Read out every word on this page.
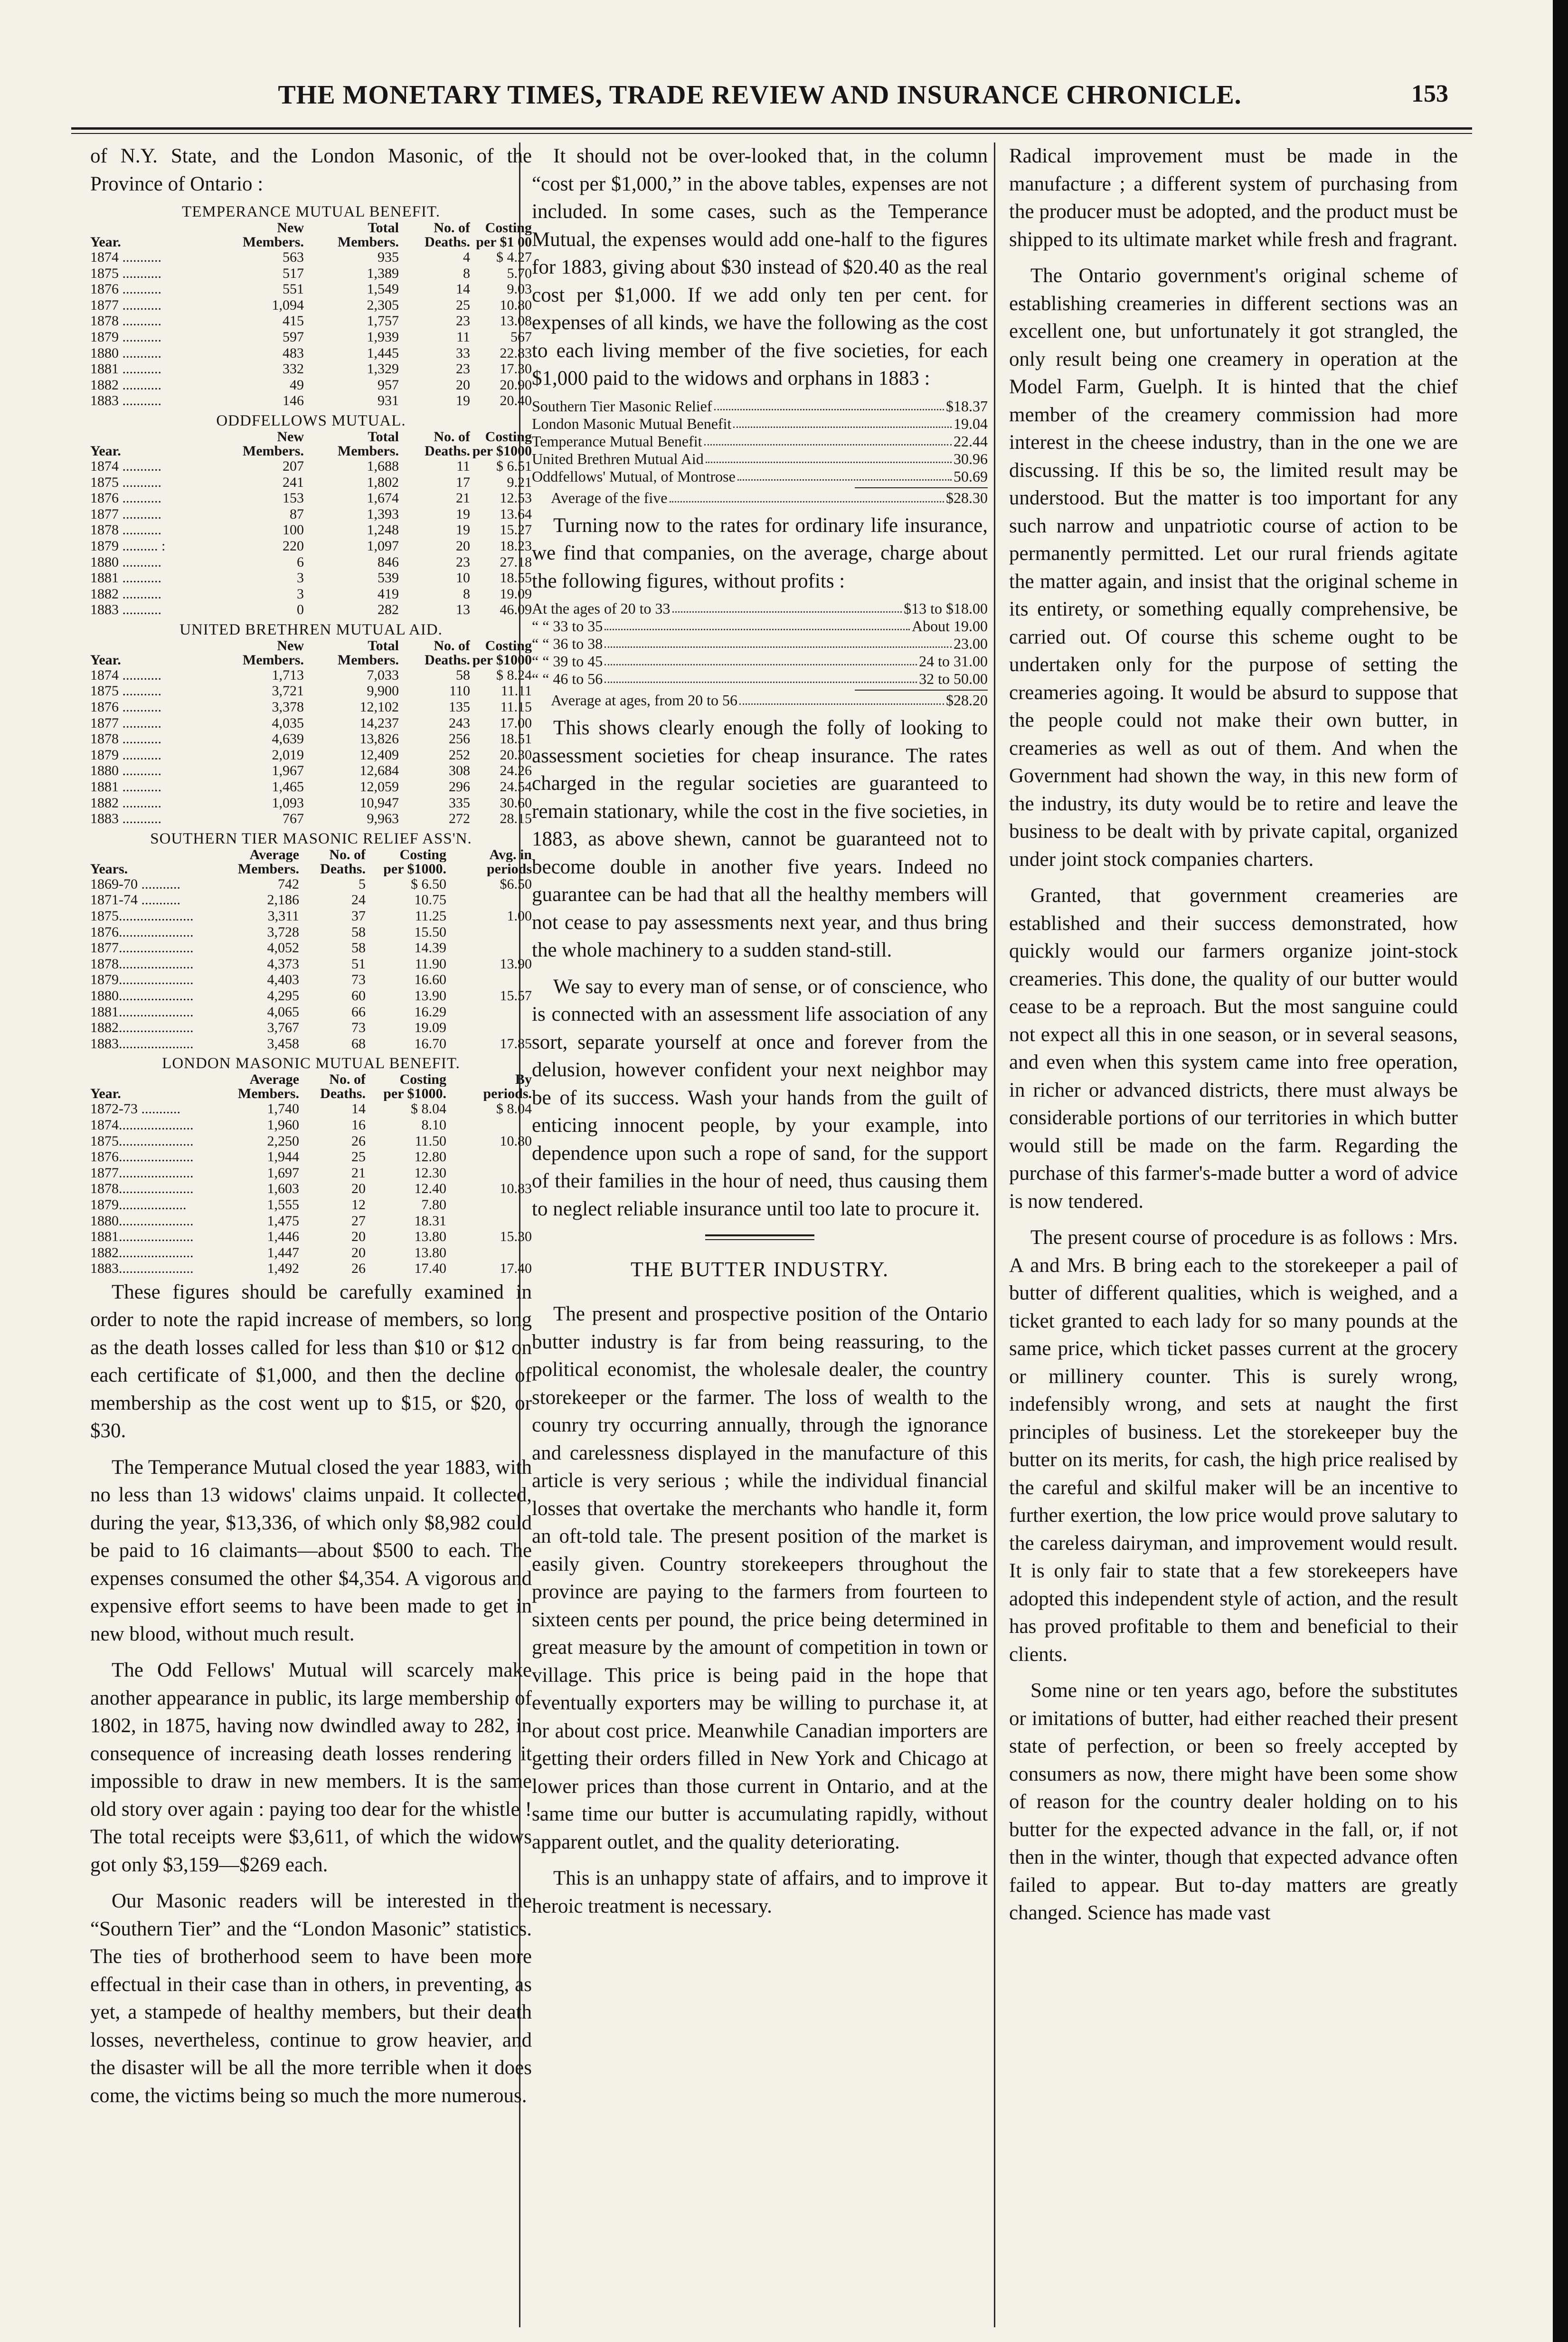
THE MONETARY TIMES, TRADE REVIEW AND INSURANCE CHRONICLE.	153

of N.Y. State, and the London Masonic, of the Province of Ontario :

TEMPERANCE MUTUAL BENEFIT.
New	Total	No. of	Costing
Year.	Members.	Members.	Deaths. per $1 00
1874 ...........	563	935	4	$ 4.27
1875 ...........	517	1,389	8	5.70
1876 ...........	551	1,549	14	9.03
1877 ...........	1,094	2,305	25	10.80
1878 ...........	415	1,757	23	13.08
1879 ...........	597	1,939	11	567
1880 ...........	483	1,445	33	22.83
1881 ...........	332	1,329	23	17.30
1882 ...........	49	957	20	20.90
1883 ...........	146	931	19	20.40
ODDFELLOWS MUTUAL.
New	Total	No. of	Costing
Year.	Members.	Members.	Deaths. per $1000
1874 ...........	207	1,688	11	$ 6.51
1875 ...........	241	1,802	17	9.21
1876 ...........	153	1,674	21	12.53
1877 ...........	87	1,393	19	13.64
1878 ...........	100	1,248	19	15.27
1879 .......... :	220	1,097	20	18.23
1880 ...........	6	846	23	27.18
1881 ...........	3	539	10	18.55
1882 ...........	3	419	8	19.09
1883 ...........	0	282	13	46.09
UNITED BRETHREN MUTUAL AID.
New	Total	No. of	Costing
Year.	Members.	Members.	Deaths. per $1000
1874 ...........	1,713	7,033	58	$ 8.24
1875 ...........	3,721	9,900	110	11.11
1876 ...........	3,378	12,102	135	11.15
1877 ...........	4,035	14,237	243	17.00
1878 ...........	4,639	13,826	256	18.51
1879 ...........	2,019	12,409	252	20.30
1880 ...........	1,967	12,684	308	24.26
1881 ...........	1,465	12,059	296	24.54
1882 ...........	1,093	10,947	335	30.60
1883 ...........	767	9,963	272	28.15
SOUTHERN TIER MASONIC RELIEF ASS'N.
Average	No. of	Costing	Avg. in
Years.	Members.	Deaths.	per $1000.	periods
1869-70 ...........	742	5	$ 6.50	$6.50
1871-74 ...........	2,186	24	10.75
1875.....................	3,311	37	11.25	1.00
1876.....................	3,728	58	15.50
1877.....................	4,052	58	14.39
1878.....................	4,373	51	11.90	13.90
1879.....................	4,403	73	16.60
1880.....................	4,295	60	13.90	15.57
1881.....................	4,065	66	16.29
1882.....................	3,767	73	19.09
1883.....................	3,458	68	16.70	17.85
LONDON MASONIC MUTUAL BENEFIT.
Average	No. of	Costing	By
Year.	Members.	Deaths.	per $1000.	periods.
1872-73 ...........	1,740	14	$ 8.04	$ 8.04
1874.....................	1,960	16	8.10
1875.....................	2,250	26	11.50	10.80
1876.....................	1,944	25	12.80
1877.....................	1,697	21	12.30
1878.....................	1,603	20	12.40	10.83
1879...................	1,555	12	7.80
1880.....................	1,475	27	18.31
1881.....................	1,446	20	13.80	15.30
1882.....................	1,447	20	13.80
1883.....................	1,492	26	17.40	17.40

These figures should be carefully examined in order to note the rapid increase of members, so long as the death losses called for less than $10 or $12 on each certificate of $1,000, and then the decline of membership as the cost went up to $15, or $20, or $30.

The Temperance Mutual closed the year 1883, with no less than 13 widows' claims unpaid. It collected, during the year, $13,336, of which only $8,982 could be paid to 16 claimants—about $500 to each. The expenses consumed the other $4,354. A vigorous and expensive effort seems to have been made to get in new blood, without much result.

The Odd Fellows' Mutual will scarcely make another appearance in public, its large membership of 1802, in 1875, having now dwindled away to 282, in consequence of increasing death losses rendering it impossible to draw in new members. It is the same old story over again : paying too dear for the whistle ! The total receipts were $3,611, of which the widows got only $3,159—$269 each.

Our Masonic readers will be interested in the “Southern Tier” and the “London Masonic” statistics. The ties of brotherhood seem to have been more effectual in their case than in others, in preventing, as yet, a stampede of healthy members, but their death losses, nevertheless, continue to grow heavier, and the disaster will be all the more terrible when it does come, the victims being so much the more numerous.

It should not be over-looked that, in the column “cost per $1,000,” in the above tables, expenses are not included. In some cases, such as the Temperance Mutual, the expenses would add one-half to the figures for 1883, giving about $30 instead of $20.40 as the real cost per $1,000. If we add only ten per cent. for expenses of all kinds, we have the following as the cost to each living member of the five societies, for each $1,000 paid to the widows and orphans in 1883 :

Southern Tier Masonic Relief	$18.37
London Masonic Mutual Benefit	19.04
Temperance Mutual Benefit	22.44
United Brethren Mutual Aid	30.96
Oddfellows' Mutual, of Montrose	50.69
Average of the five	$28.30

Turning now to the rates for ordinary life insurance, we find that companies, on the average, charge about the following figures, without profits :

At the ages of 20 to 33	$13 to $18.00
“ “ 33 to 35	About 19.00
“ “ 36 to 38	23.00
“ “ 39 to 45	24 to 31.00
“ “ 46 to 56	32 to 50.00
Average at ages, from 20 to 56	$28.20

This shows clearly enough the folly of looking to assessment societies for cheap insurance. The rates charged in the regular societies are guaranteed to remain stationary, while the cost in the five societies, in 1883, as above shewn, cannot be guaranteed not to become double in another five years. Indeed no guarantee can be had that all the healthy members will not cease to pay assessments next year, and thus bring the whole machinery to a sudden stand-still.

We say to every man of sense, or of conscience, who is connected with an assessment life association of any sort, separate yourself at once and forever from the delusion, however confident your next neighbor may be of its success. Wash your hands from the guilt of enticing innocent people, by your example, into dependence upon such a rope of sand, for the support of their families in the hour of need, thus causing them to neglect reliable insurance until too late to procure it.

THE BUTTER INDUSTRY.

The present and prospective position of the Ontario butter industry is far from being reassuring, to the political economist, the wholesale dealer, the country storekeeper or the farmer. The loss of wealth to the counry try occurring annually, through the ignorance and carelessness displayed in the manufacture of this article is very serious ; while the individual financial losses that overtake the merchants who handle it, form an oft-told tale. The present position of the market is easily given. Country storekeepers throughout the province are paying to the farmers from fourteen to sixteen cents per pound, the price being determined in great measure by the amount of competition in town or village. This price is being paid in the hope that eventually exporters may be willing to purchase it, at or about cost price. Meanwhile Canadian importers are getting their orders filled in New York and Chicago at lower prices than those current in Ontario, and at the same time our butter is accumulating rapidly, without apparent outlet, and the quality deteriorating.

This is an unhappy state of affairs, and to improve it heroic treatment is necessary.

Radical improvement must be made in the manufacture ; a different system of purchasing from the producer must be adopted, and the product must be shipped to its ultimate market while fresh and fragrant.

The Ontario government's original scheme of establishing creameries in different sections was an excellent one, but unfortunately it got strangled, the only result being one creamery in operation at the Model Farm, Guelph. It is hinted that the chief member of the creamery commission had more interest in the cheese industry, than in the one we are discussing. If this be so, the limited result may be understood. But the matter is too important for any such narrow and unpatriotic course of action to be permanently permitted. Let our rural friends agitate the matter again, and insist that the original scheme in its entirety, or something equally comprehensive, be carried out. Of course this scheme ought to be undertaken only for the purpose of setting the creameries agoing. It would be absurd to suppose that the people could not make their own butter, in creameries as well as out of them. And when the Government had shown the way, in this new form of the industry, its duty would be to retire and leave the business to be dealt with by private capital, organized under joint stock companies charters.

Granted, that government creameries are established and their success demonstrated, how quickly would our farmers organize joint-stock creameries. This done, the quality of our butter would cease to be a reproach. But the most sanguine could not expect all this in one season, or in several seasons, and even when this system came into free operation, in richer or advanced districts, there must always be considerable portions of our territories in which butter would still be made on the farm. Regarding the purchase of this farmer's-made butter a word of advice is now tendered.

The present course of procedure is as follows : Mrs. A and Mrs. B bring each to the storekeeper a pail of butter of different qualities, which is weighed, and a ticket granted to each lady for so many pounds at the same price, which ticket passes current at the grocery or millinery counter. This is surely wrong, indefensibly wrong, and sets at naught the first principles of business. Let the storekeeper buy the butter on its merits, for cash, the high price realised by the careful and skilful maker will be an incentive to further exertion, the low price would prove salutary to the careless dairyman, and improvement would result. It is only fair to state that a few storekeepers have adopted this independent style of action, and the result has proved profitable to them and beneficial to their clients.

Some nine or ten years ago, before the substitutes or imitations of butter, had either reached their present state of perfection, or been so freely accepted by consumers as now, there might have been some show of reason for the country dealer holding on to his butter for the expected advance in the fall, or, if not then in the winter, though that expected advance often failed to appear. But to-day matters are greatly changed. Science has made vast
